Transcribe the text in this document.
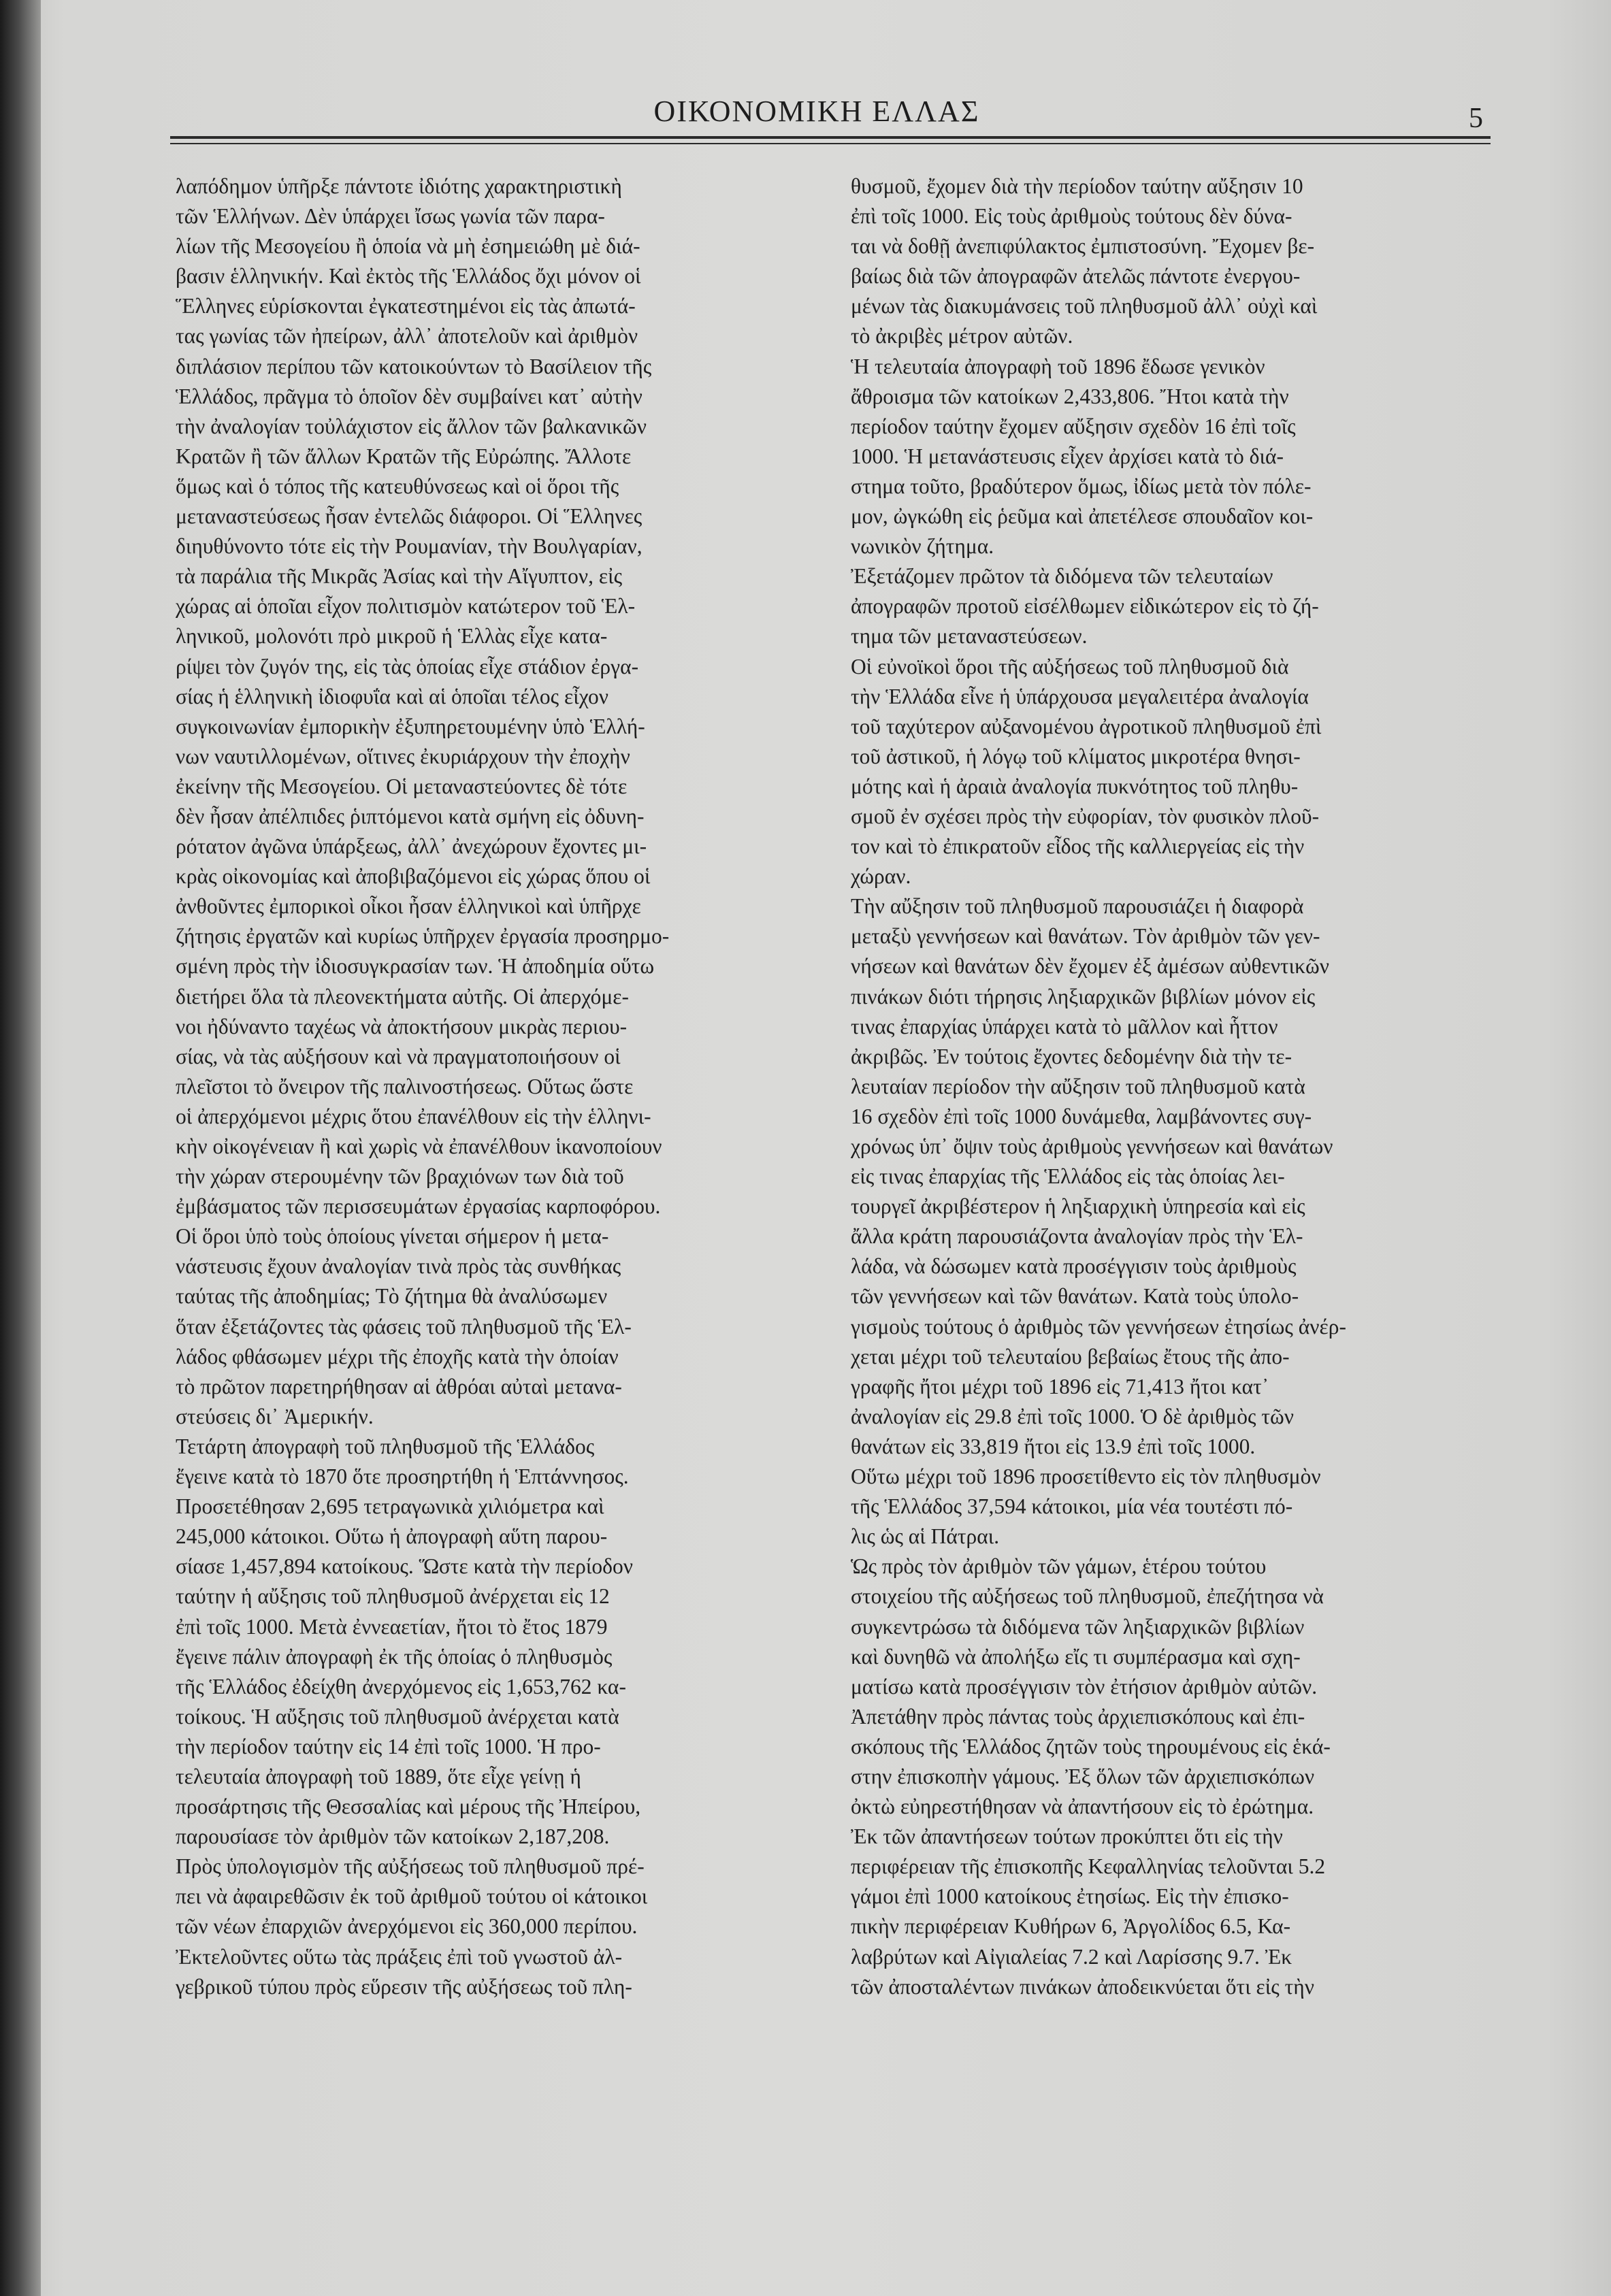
ΟΙΚΟΝΟΜΙΚΗ ΕΛΛΑΣ	5
λαπόδημον ὑπῆρξε πάντοτε ἰδιότης χαρακτηριστικὴ
τῶν Ἑλλήνων. Δὲν ὑπάρχει ἴσως γωνία τῶν παρα-
λίων τῆς Μεσογείου ἢ ὁποία νὰ μὴ ἐσημειώθη μὲ διά-
βασιν ἑλληνικήν. Καὶ ἐκτὸς τῆς Ἑλλάδος ὄχι μόνον οἱ
Ἕλληνες εὑρίσκονται ἐγκατεστημένοι εἰς τὰς ἀπωτά-
τας γωνίας τῶν ἠπείρων, ἀλλ᾽ ἀποτελοῦν καὶ ἀριθμὸν
διπλάσιον περίπου τῶν κατοικούντων τὸ Βασίλειον τῆς
Ἑλλάδος, πρᾶγμα τὸ ὁποῖον δὲν συμβαίνει κατ᾽ αὐτὴν
τὴν ἀναλογίαν τοὐλάχιστον εἰς ἄλλον τῶν βαλκανικῶν
Κρατῶν ἢ τῶν ἄλλων Κρατῶν τῆς Εὐρώπης. Ἄλλοτε
ὅμως καὶ ὁ τόπος τῆς κατευθύνσεως καὶ οἱ ὅροι τῆς
μεταναστεύσεως ἦσαν ἐντελῶς διάφοροι. Οἱ Ἕλληνες
διηυθύνοντο τότε εἰς τὴν Ρουμανίαν, τὴν Βουλγαρίαν,
τὰ παράλια τῆς Μικρᾶς Ἀσίας καὶ τὴν Αἴγυπτον, εἰς
χώρας αἱ ὁποῖαι εἶχον πολιτισμὸν κατώτερον τοῦ Ἑλ-
ληνικοῦ, μολονότι πρὸ μικροῦ ἡ Ἑλλὰς εἶχε κατα-
ρίψει τὸν ζυγόν της, εἰς τὰς ὁποίας εἶχε στάδιον ἐργα-
σίας ἡ ἑλληνικὴ ἰδιοφυΐα καὶ αἱ ὁποῖαι τέλος εἶχον
συγκοινωνίαν ἐμπορικὴν ἐξυπηρετουμένην ὑπὸ Ἑλλή-
νων ναυτιλλομένων, οἵτινες ἐκυριάρχουν τὴν ἐποχὴν
ἐκείνην τῆς Μεσογείου. Οἱ μεταναστεύοντες δὲ τότε
δὲν ἦσαν ἀπέλπιδες ῥιπτόμενοι κατὰ σμήνη εἰς ὀδυνη-
ρότατον ἀγῶνα ὑπάρξεως, ἀλλ᾽ ἀνεχώρουν ἔχοντες μι-
κρὰς οἰκονομίας καὶ ἀποβιβαζόμενοι εἰς χώρας ὅπου οἱ
ἀνθοῦντες ἐμπορικοὶ οἶκοι ἦσαν ἑλληνικοὶ καὶ ὑπῆρχε
ζήτησις ἐργατῶν καὶ κυρίως ὑπῆρχεν ἐργασία προσηρμο-
σμένη πρὸς τὴν ἰδιοσυγκρασίαν των. Ἡ ἀποδημία οὕτω
διετήρει ὅλα τὰ πλεονεκτήματα αὐτῆς. Οἱ ἀπερχόμε-
νοι ἠδύναντο ταχέως νὰ ἀποκτήσουν μικρὰς περιου-
σίας, νὰ τὰς αὐξήσουν καὶ νὰ πραγματοποιήσουν οἱ
πλεῖστοι τὸ ὄνειρον τῆς παλινοστήσεως. Οὕτως ὥστε
οἱ ἀπερχόμενοι μέχρις ὅτου ἐπανέλθουν εἰς τὴν ἑλληνι-
κὴν οἰκογένειαν ἢ καὶ χωρὶς νὰ ἐπανέλθουν ἱκανοποίουν
τὴν χώραν στερουμένην τῶν βραχιόνων των διὰ τοῦ
ἐμβάσματος τῶν περισσευμάτων ἐργασίας καρποφόρου.
Οἱ ὅροι ὑπὸ τοὺς ὁποίους γίνεται σήμερον ἡ μετα-
νάστευσις ἔχουν ἀναλογίαν τινὰ πρὸς τὰς συνθήκας
ταύτας τῆς ἀποδημίας; Τὸ ζήτημα θὰ ἀναλύσωμεν
ὅταν ἐξετάζοντες τὰς φάσεις τοῦ πληθυσμοῦ τῆς Ἑλ-
λάδος φθάσωμεν μέχρι τῆς ἐποχῆς κατὰ τὴν ὁποίαν
τὸ πρῶτον παρετηρήθησαν αἱ ἀθρόαι αὐταὶ μετανα-
στεύσεις δι᾽ Ἀμερικήν.
Τετάρτη ἀπογραφὴ τοῦ πληθυσμοῦ τῆς Ἑλλάδος
ἔγεινε κατὰ τὸ 1870 ὅτε προσηρτήθη ἡ Ἑπτάννησος.
Προσετέθησαν 2,695 τετραγωνικὰ χιλιόμετρα καὶ
245,000 κάτοικοι. Οὕτω ἡ ἀπογραφὴ αὕτη παρου-
σίασε 1,457,894 κατοίκους. Ὥστε κατὰ τὴν περίοδον
ταύτην ἡ αὔξησις τοῦ πληθυσμοῦ ἀνέρχεται εἰς 12
ἐπὶ τοῖς 1000. Μετὰ ἐννεαετίαν, ἤτοι τὸ ἔτος 1879
ἔγεινε πάλιν ἀπογραφὴ ἐκ τῆς ὁποίας ὁ πληθυσμὸς
τῆς Ἑλλάδος ἐδείχθη ἀνερχόμενος εἰς 1,653,762 κα-
τοίκους. Ἡ αὔξησις τοῦ πληθυσμοῦ ἀνέρχεται κατὰ
τὴν περίοδον ταύτην εἰς 14 ἐπὶ τοῖς 1000. Ἡ προ-
τελευταία ἀπογραφὴ τοῦ 1889, ὅτε εἶχε γείνῃ ἡ
προσάρτησις τῆς Θεσσαλίας καὶ μέρους τῆς Ἠπείρου,
παρουσίασε τὸν ἀριθμὸν τῶν κατοίκων 2,187,208.
Πρὸς ὑπολογισμὸν τῆς αὐξήσεως τοῦ πληθυσμοῦ πρέ-
πει νὰ ἀφαιρεθῶσιν ἐκ τοῦ ἀριθμοῦ τούτου οἱ κάτοικοι
τῶν νέων ἐπαρχιῶν ἀνερχόμενοι εἰς 360,000 περίπου.
Ἐκτελοῦντες οὕτω τὰς πράξεις ἐπὶ τοῦ γνωστοῦ ἀλ-
γεβρικοῦ τύπου πρὸς εὕρεσιν τῆς αὐξήσεως τοῦ πλη-
θυσμοῦ, ἔχομεν διὰ τὴν περίοδον ταύτην αὔξησιν 10
ἐπὶ τοῖς 1000. Εἰς τοὺς ἀριθμοὺς τούτους δὲν δύνα-
ται νὰ δοθῇ ἀνεπιφύλακτος ἐμπιστοσύνη. Ἔχομεν βε-
βαίως διὰ τῶν ἀπογραφῶν ἀτελῶς πάντοτε ἐνεργου-
μένων τὰς διακυμάνσεις τοῦ πληθυσμοῦ ἀλλ᾽ οὐχὶ καὶ
τὸ ἀκριβὲς μέτρον αὐτῶν.
Ἡ τελευταία ἀπογραφὴ τοῦ 1896 ἔδωσε γενικὸν
ἄθροισμα τῶν κατοίκων 2,433,806. Ἤτοι κατὰ τὴν
περίοδον ταύτην ἔχομεν αὔξησιν σχεδὸν 16 ἐπὶ τοῖς
1000. Ἡ μετανάστευσις εἶχεν ἀρχίσει κατὰ τὸ διά-
στημα τοῦτο, βραδύτερον ὅμως, ἰδίως μετὰ τὸν πόλε-
μον, ὠγκώθη εἰς ῥεῦμα καὶ ἀπετέλεσε σπουδαῖον κοι-
νωνικὸν ζήτημα.
Ἐξετάζομεν πρῶτον τὰ διδόμενα τῶν τελευταίων
ἀπογραφῶν προτοῦ εἰσέλθωμεν εἰδικώτερον εἰς τὸ ζή-
τημα τῶν μεταναστεύσεων.
Οἱ εὐνοϊκοὶ ὅροι τῆς αὐξήσεως τοῦ πληθυσμοῦ διὰ
τὴν Ἑλλάδα εἶνε ἡ ὑπάρχουσα μεγαλειτέρα ἀναλογία
τοῦ ταχύτερον αὐξανομένου ἀγροτικοῦ πληθυσμοῦ ἐπὶ
τοῦ ἀστικοῦ, ἡ λόγῳ τοῦ κλίματος μικροτέρα θνησι-
μότης καὶ ἡ ἀραιὰ ἀναλογία πυκνότητος τοῦ πληθυ-
σμοῦ ἐν σχέσει πρὸς τὴν εὐφορίαν, τὸν φυσικὸν πλοῦ-
τον καὶ τὸ ἐπικρατοῦν εἶδος τῆς καλλιεργείας εἰς τὴν
χώραν.
Τὴν αὔξησιν τοῦ πληθυσμοῦ παρουσιάζει ἡ διαφορὰ
μεταξὺ γεννήσεων καὶ θανάτων. Τὸν ἀριθμὸν τῶν γεν-
νήσεων καὶ θανάτων δὲν ἔχομεν ἐξ ἀμέσων αὐθεντικῶν
πινάκων διότι τήρησις ληξιαρχικῶν βιβλίων μόνον εἰς
τινας ἐπαρχίας ὑπάρχει κατὰ τὸ μᾶλλον καὶ ἧττον
ἀκριβῶς. Ἐν τούτοις ἔχοντες δεδομένην διὰ τὴν τε-
λευταίαν περίοδον τὴν αὔξησιν τοῦ πληθυσμοῦ κατὰ
16 σχεδὸν ἐπὶ τοῖς 1000 δυνάμεθα, λαμβάνοντες συγ-
χρόνως ὑπ᾽ ὄψιν τοὺς ἀριθμοὺς γεννήσεων καὶ θανάτων
εἰς τινας ἐπαρχίας τῆς Ἑλλάδος εἰς τὰς ὁποίας λει-
τουργεῖ ἀκριβέστερον ἡ ληξιαρχικὴ ὑπηρεσία καὶ εἰς
ἄλλα κράτη παρουσιάζοντα ἀναλογίαν πρὸς τὴν Ἑλ-
λάδα, νὰ δώσωμεν κατὰ προσέγγισιν τοὺς ἀριθμοὺς
τῶν γεννήσεων καὶ τῶν θανάτων. Κατὰ τοὺς ὑπολο-
γισμοὺς τούτους ὁ ἀριθμὸς τῶν γεννήσεων ἐτησίως ἀνέρ-
χεται μέχρι τοῦ τελευταίου βεβαίως ἔτους τῆς ἀπο-
γραφῆς ἤτοι μέχρι τοῦ 1896 εἰς 71,413 ἤτοι κατ᾽
ἀναλογίαν εἰς 29.8 ἐπὶ τοῖς 1000. Ὁ δὲ ἀριθμὸς τῶν
θανάτων εἰς 33,819 ἤτοι εἰς 13.9 ἐπὶ τοῖς 1000.
Οὕτω μέχρι τοῦ 1896 προσετίθεντο εἰς τὸν πληθυσμὸν
τῆς Ἑλλάδος 37,594 κάτοικοι, μία νέα τουτέστι πό-
λις ὡς αἱ Πάτραι.
Ὡς πρὸς τὸν ἀριθμὸν τῶν γάμων, ἑτέρου τούτου
στοιχείου τῆς αὐξήσεως τοῦ πληθυσμοῦ, ἐπεζήτησα νὰ
συγκεντρώσω τὰ διδόμενα τῶν ληξιαρχικῶν βιβλίων
καὶ δυνηθῶ νὰ ἀπολήξω εἴς τι συμπέρασμα καὶ σχη-
ματίσω κατὰ προσέγγισιν τὸν ἐτήσιον ἀριθμὸν αὐτῶν.
Ἀπετάθην πρὸς πάντας τοὺς ἀρχιεπισκόπους καὶ ἐπι-
σκόπους τῆς Ἑλλάδος ζητῶν τοὺς τηρουμένους εἰς ἑκά-
στην ἐπισκοπὴν γάμους. Ἐξ ὅλων τῶν ἀρχιεπισκόπων
ὀκτὼ εὐηρεστήθησαν νὰ ἀπαντήσουν εἰς τὸ ἐρώτημα.
Ἐκ τῶν ἀπαντήσεων τούτων προκύπτει ὅτι εἰς τὴν
περιφέρειαν τῆς ἐπισκοπῆς Κεφαλληνίας τελοῦνται 5.2
γάμοι ἐπὶ 1000 κατοίκους ἐτησίως. Εἰς τὴν ἐπισκο-
πικὴν περιφέρειαν Κυθήρων 6, Ἀργολίδος 6.5, Κα-
λαβρύτων καὶ Αἰγιαλείας 7.2 καὶ Λαρίσσης 9.7. Ἐκ
τῶν ἀποσταλέντων πινάκων ἀποδεικνύεται ὅτι εἰς τὴν
